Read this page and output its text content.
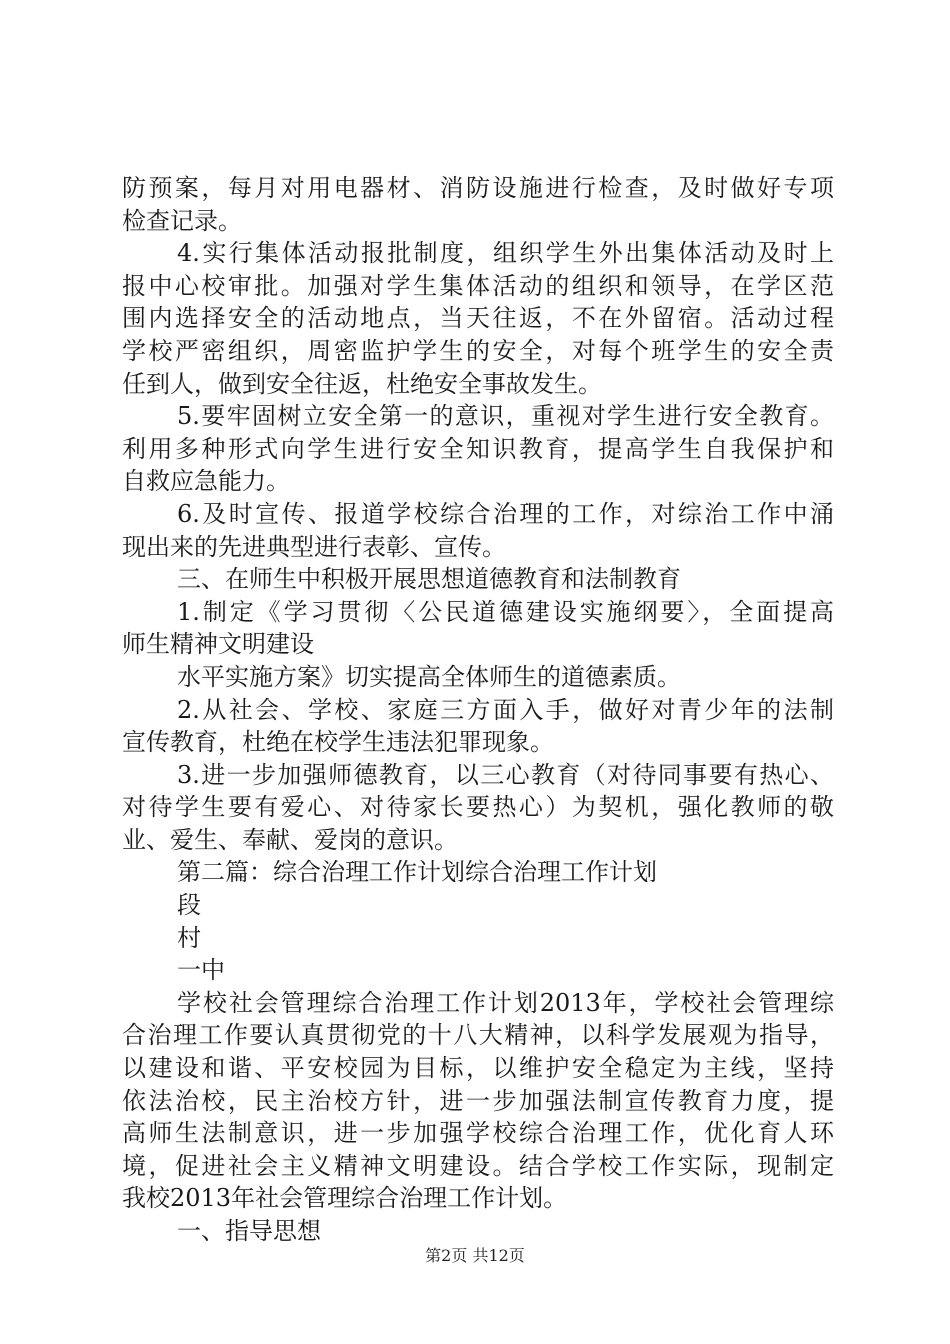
防预案，每月对用电器材、消防设施进行检查，及时做好专项
检查记录。
4.实行集体活动报批制度，组织学生外出集体活动及时上
报中心校审批。加强对学生集体活动的组织和领导，在学区范
围内选择安全的活动地点，当天往返，不在外留宿。活动过程
学校严密组织，周密监护学生的安全，对每个班学生的安全责
任到人，做到安全往返，杜绝安全事故发生。
5.要牢固树立安全第一的意识，重视对学生进行安全教育。
利用多种形式向学生进行安全知识教育，提高学生自我保护和
自救应急能力。
6.及时宣传、报道学校综合治理的工作，对综治工作中涌
现出来的先进典型进行表彰、宣传。
三、在师生中积极开展思想道德教育和法制教育
1.制定《学习贯彻〈公民道德建设实施纲要〉，全面提高
师生精神文明建设
水平实施方案》切实提高全体师生的道德素质。
2.从社会、学校、家庭三方面入手，做好对青少年的法制
宣传教育，杜绝在校学生违法犯罪现象。
3.进一步加强师德教育，以三心教育（对待同事要有热心、
对待学生要有爱心、对待家长要热心）为契机，强化教师的敬
业、爱生、奉献、爱岗的意识。
第二篇：综合治理工作计划综合治理工作计划
段
村
一中
学校社会管理综合治理工作计划2013年，学校社会管理综
合治理工作要认真贯彻党的十八大精神，以科学发展观为指导，
以建设和谐、平安校园为目标，以维护安全稳定为主线，坚持
依法治校，民主治校方针，进一步加强法制宣传教育力度，提
高师生法制意识，进一步加强学校综合治理工作，优化育人环
境，促进社会主义精神文明建设。结合学校工作实际，现制定
我校2013年社会管理综合治理工作计划。
一、指导思想
第2页 共12页
